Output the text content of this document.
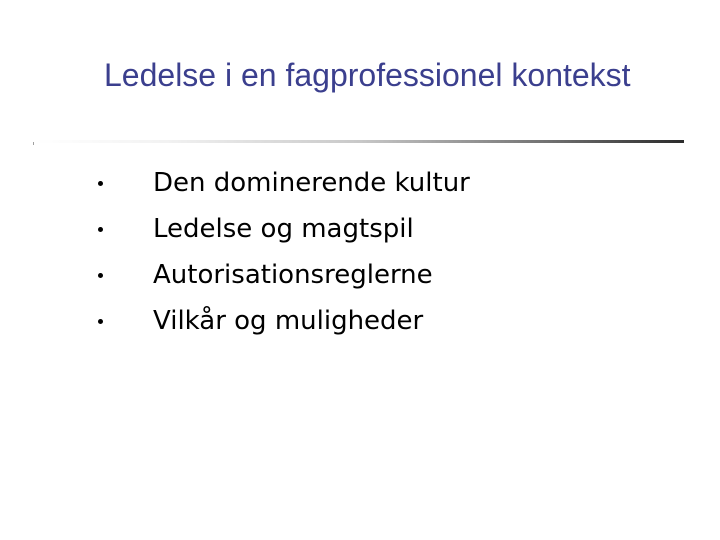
Ledelse i en fagprofessionel kontekst
Den dominerende kultur
Ledelse og magtspil
Autorisationsreglerne
Vilkår og muligheder
